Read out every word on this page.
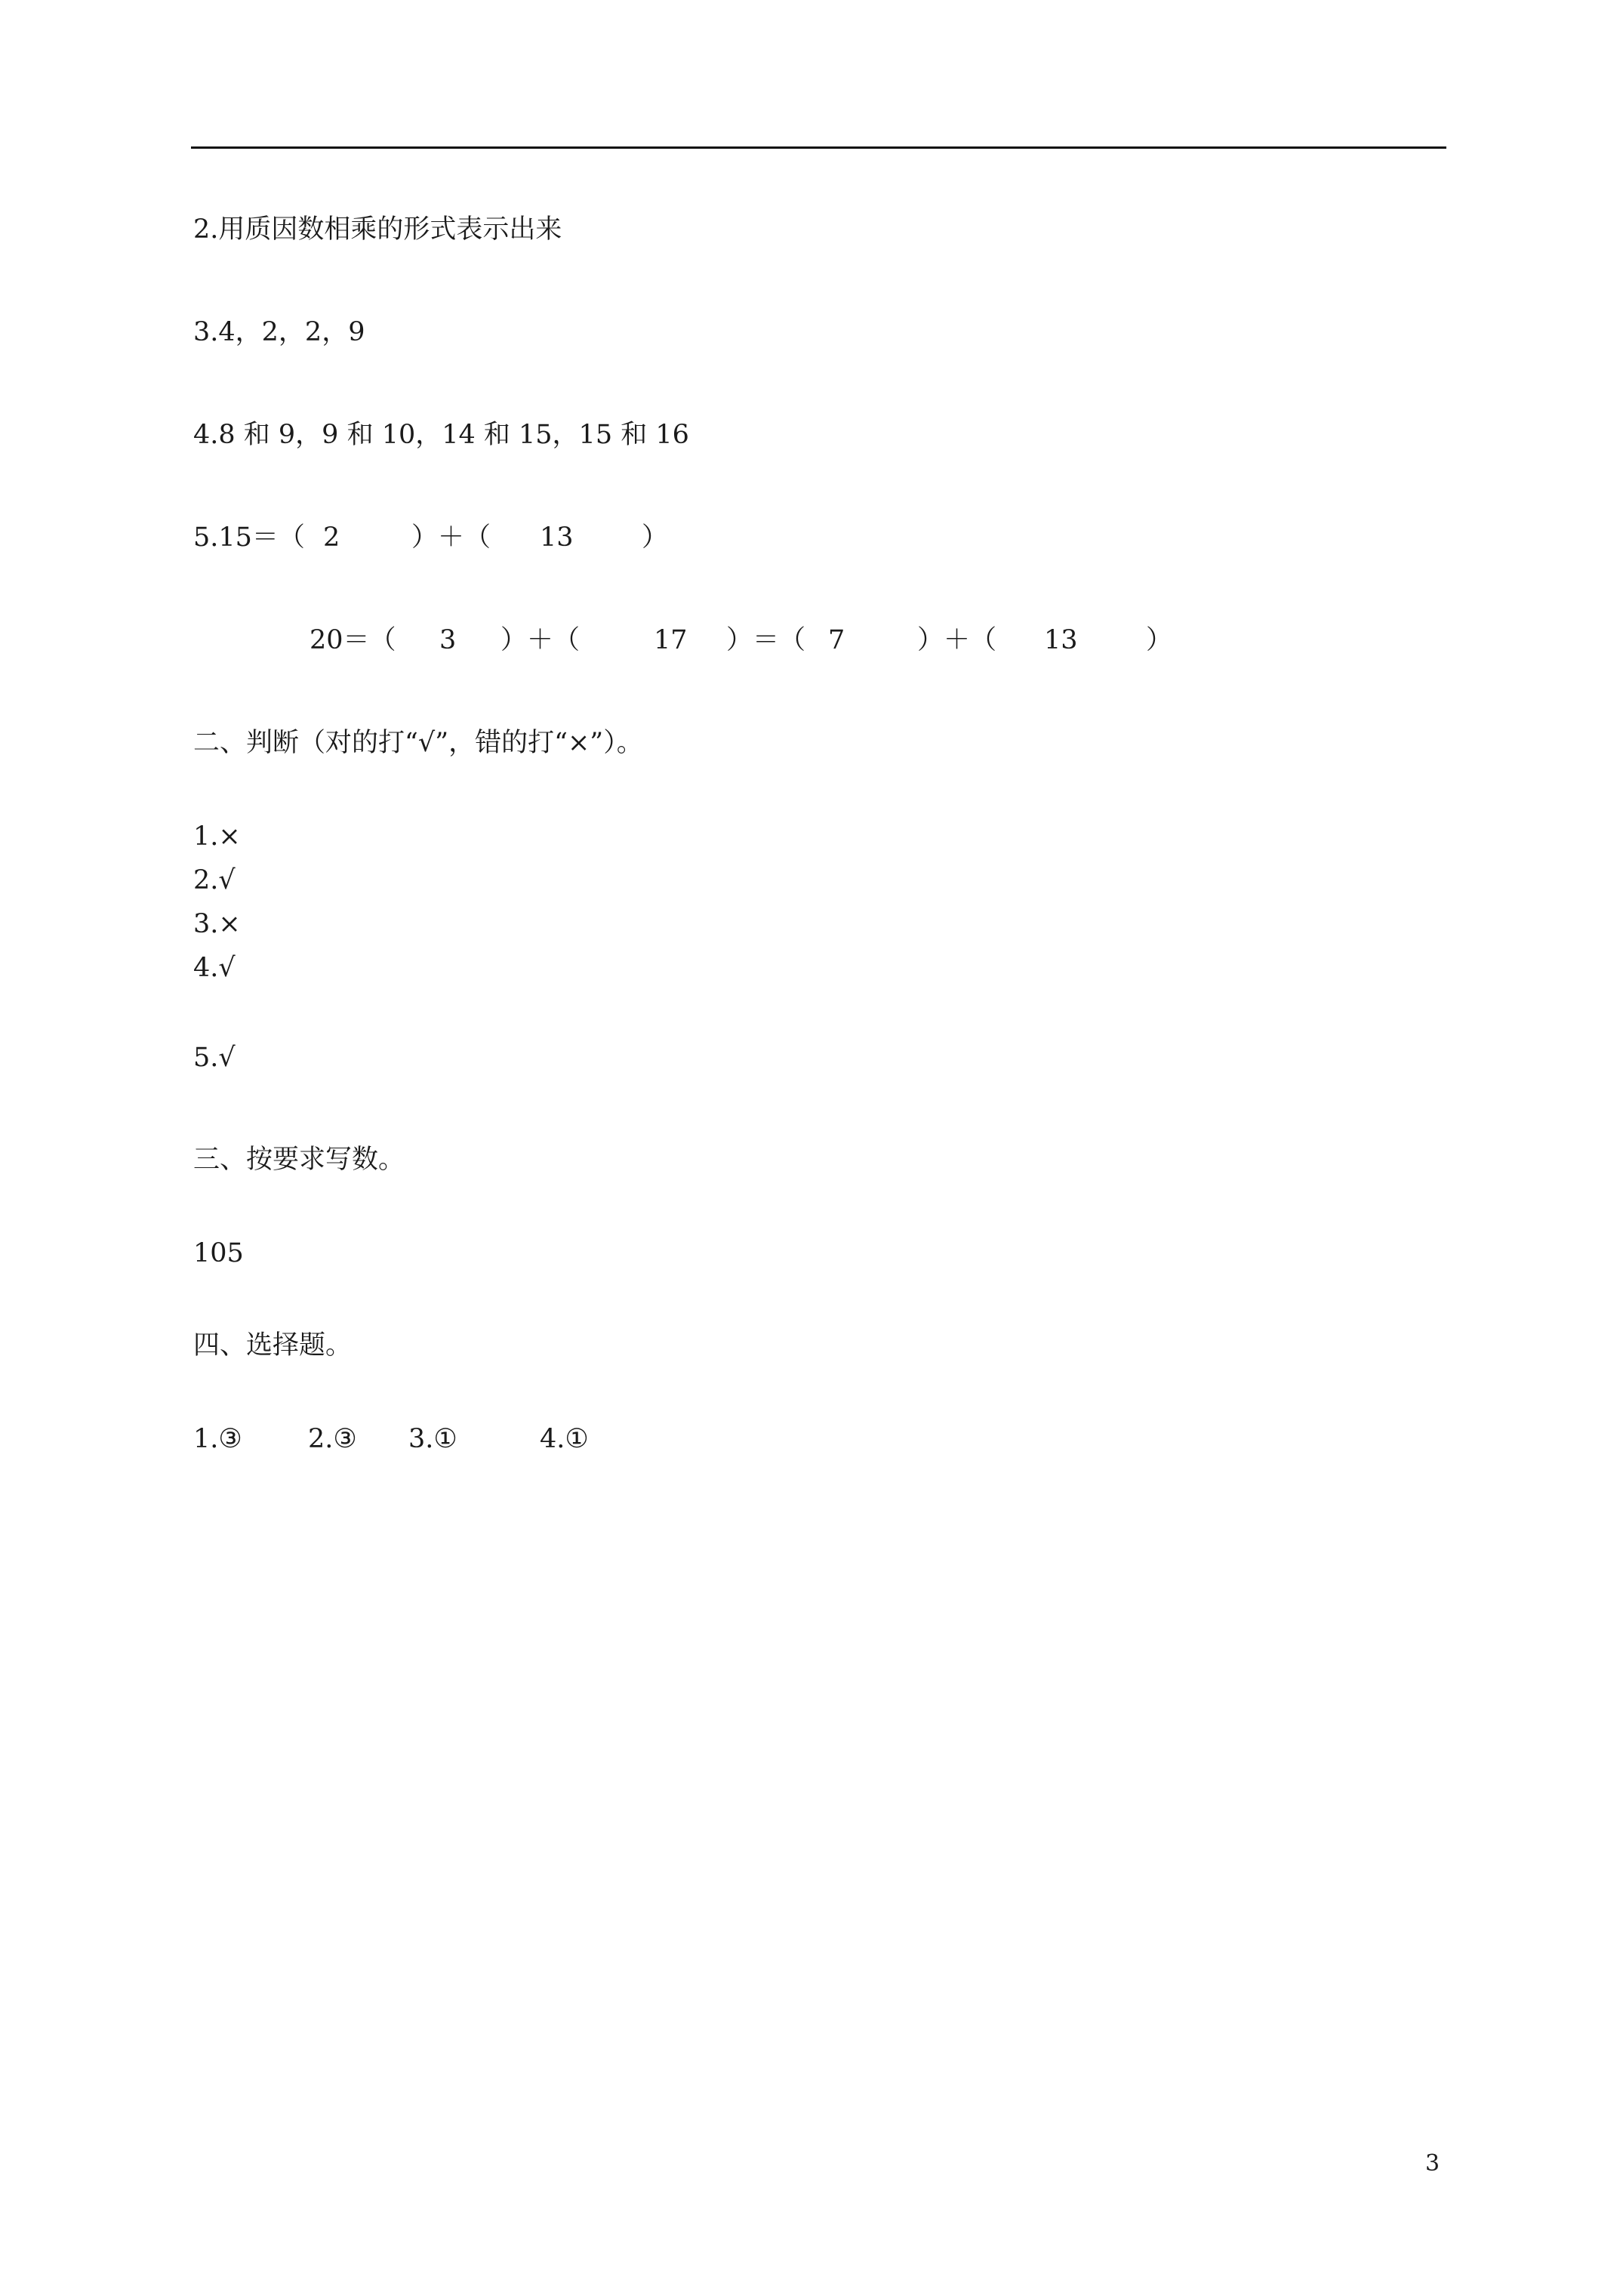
2.用质因数相乘的形式表示出来
3.4，2，2，9
4.8 和 9，9 和 10，14 和 15，15 和 16
5.15＝（ 2	）＋（ 13	）
20＝（ 3 ）＋（	17 ）＝（ 7	）＋（ 13	）
二、判断（对的打“√”，错的打“×”）。
1.×
2.√
3.×
4.√
5.√
三、按要求写数。
105
四、选择题。
1.③ 2.③ 3.①	4.①
3
